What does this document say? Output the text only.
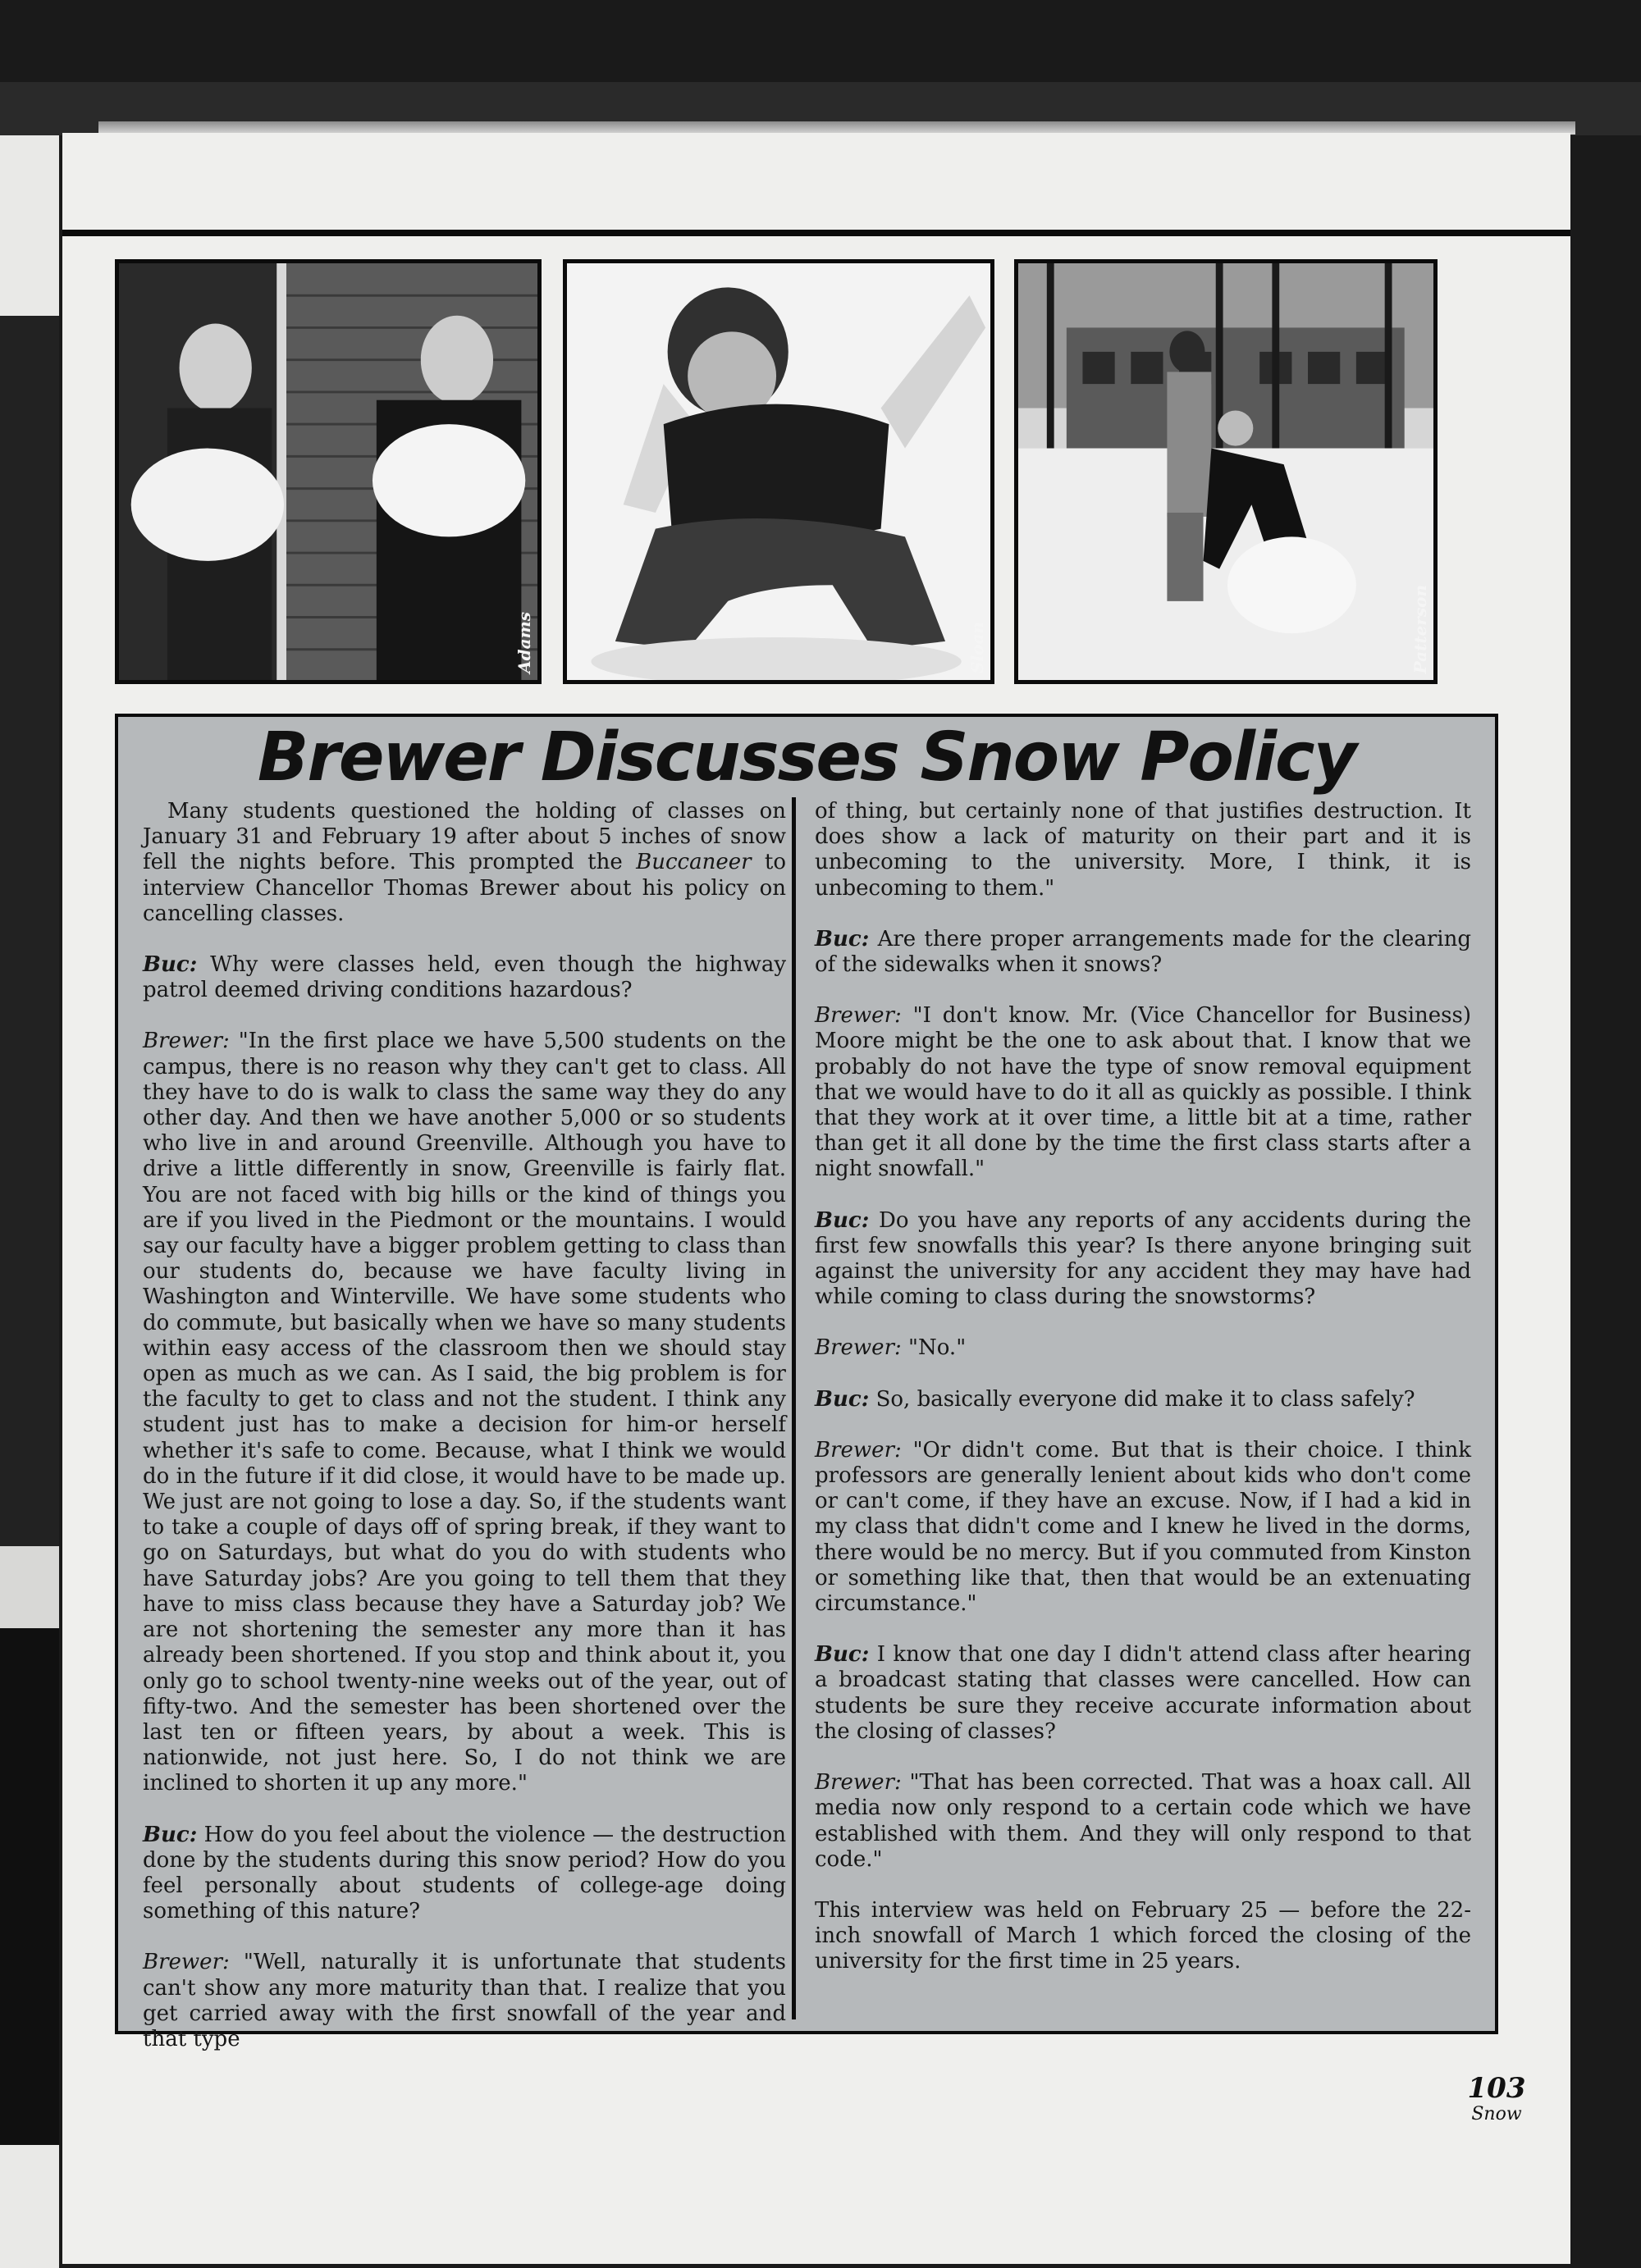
Adams	Sloan	Patterson
Brewer Discusses Snow Policy

Many students questioned the holding of classes on January 31 and February 19 after about 5 inches of snow fell the nights before. This prompted the Buccaneer to interview Chancellor Thomas Brewer about his policy on cancelling classes.

Buc: Why were classes held, even though the highway patrol deemed driving conditions hazardous?

Brewer: "In the first place we have 5,500 students on the campus, there is no reason why they can't get to class. All they have to do is walk to class the same way they do any other day. And then we have another 5,000 or so students who live in and around Greenville. Although you have to drive a little differently in snow, Greenville is fairly flat. You are not faced with big hills or the kind of things you are if you lived in the Piedmont or the mountains. I would say our faculty have a bigger problem getting to class than our students do, because we have faculty living in Washington and Winterville. We have some students who do commute, but basically when we have so many students within easy access of the classroom then we should stay open as much as we can. As I said, the big problem is for the faculty to get to class and not the student. I think any student just has to make a decision for him-or herself whether it's safe to come. Because, what I think we would do in the future if it did close, it would have to be made up. We just are not going to lose a day. So, if the students want to take a couple of days off of spring break, if they want to go on Saturdays, but what do you do with students who have Saturday jobs? Are you going to tell them that they have to miss class because they have a Saturday job? We are not shortening the semester any more than it has already been shortened. If you stop and think about it, you only go to school twenty-nine weeks out of the year, out of fifty-two. And the semester has been shortened over the last ten or fifteen years, by about a week. This is nationwide, not just here. So, I do not think we are inclined to shorten it up any more."

Buc: How do you feel about the violence — the destruction done by the students during this snow period? How do you feel personally about students of college-age doing something of this nature?

Brewer: "Well, naturally it is unfortunate that students can't show any more maturity than that. I realize that you get carried away with the first snowfall of the year and that type

of thing, but certainly none of that justifies destruction. It does show a lack of maturity on their part and it is unbecoming to the university. More, I think, it is unbecoming to them."

Buc: Are there proper arrangements made for the clearing of the sidewalks when it snows?

Brewer: "I don't know. Mr. (Vice Chancellor for Business) Moore might be the one to ask about that. I know that we probably do not have the type of snow removal equipment that we would have to do it all as quickly as possible. I think that they work at it over time, a little bit at a time, rather than get it all done by the time the first class starts after a night snowfall."

Buc: Do you have any reports of any accidents during the first few snowfalls this year? Is there anyone bringing suit against the university for any accident they may have had while coming to class during the snowstorms?

Brewer: "No."

Buc: So, basically everyone did make it to class safely?

Brewer: "Or didn't come. But that is their choice. I think professors are generally lenient about kids who don't come or can't come, if they have an excuse. Now, if I had a kid in my class that didn't come and I knew he lived in the dorms, there would be no mercy. But if you commuted from Kinston or something like that, then that would be an extenuating circumstance."

Buc: I know that one day I didn't attend class after hearing a broadcast stating that classes were cancelled. How can students be sure they receive accurate information about the closing of classes?

Brewer: "That has been corrected. That was a hoax call. All media now only respond to a certain code which we have established with them. And they will only respond to that code."

This interview was held on February 25 — before the 22-inch snowfall of March 1 which forced the closing of the university for the first time in 25 years.

103
Snow
